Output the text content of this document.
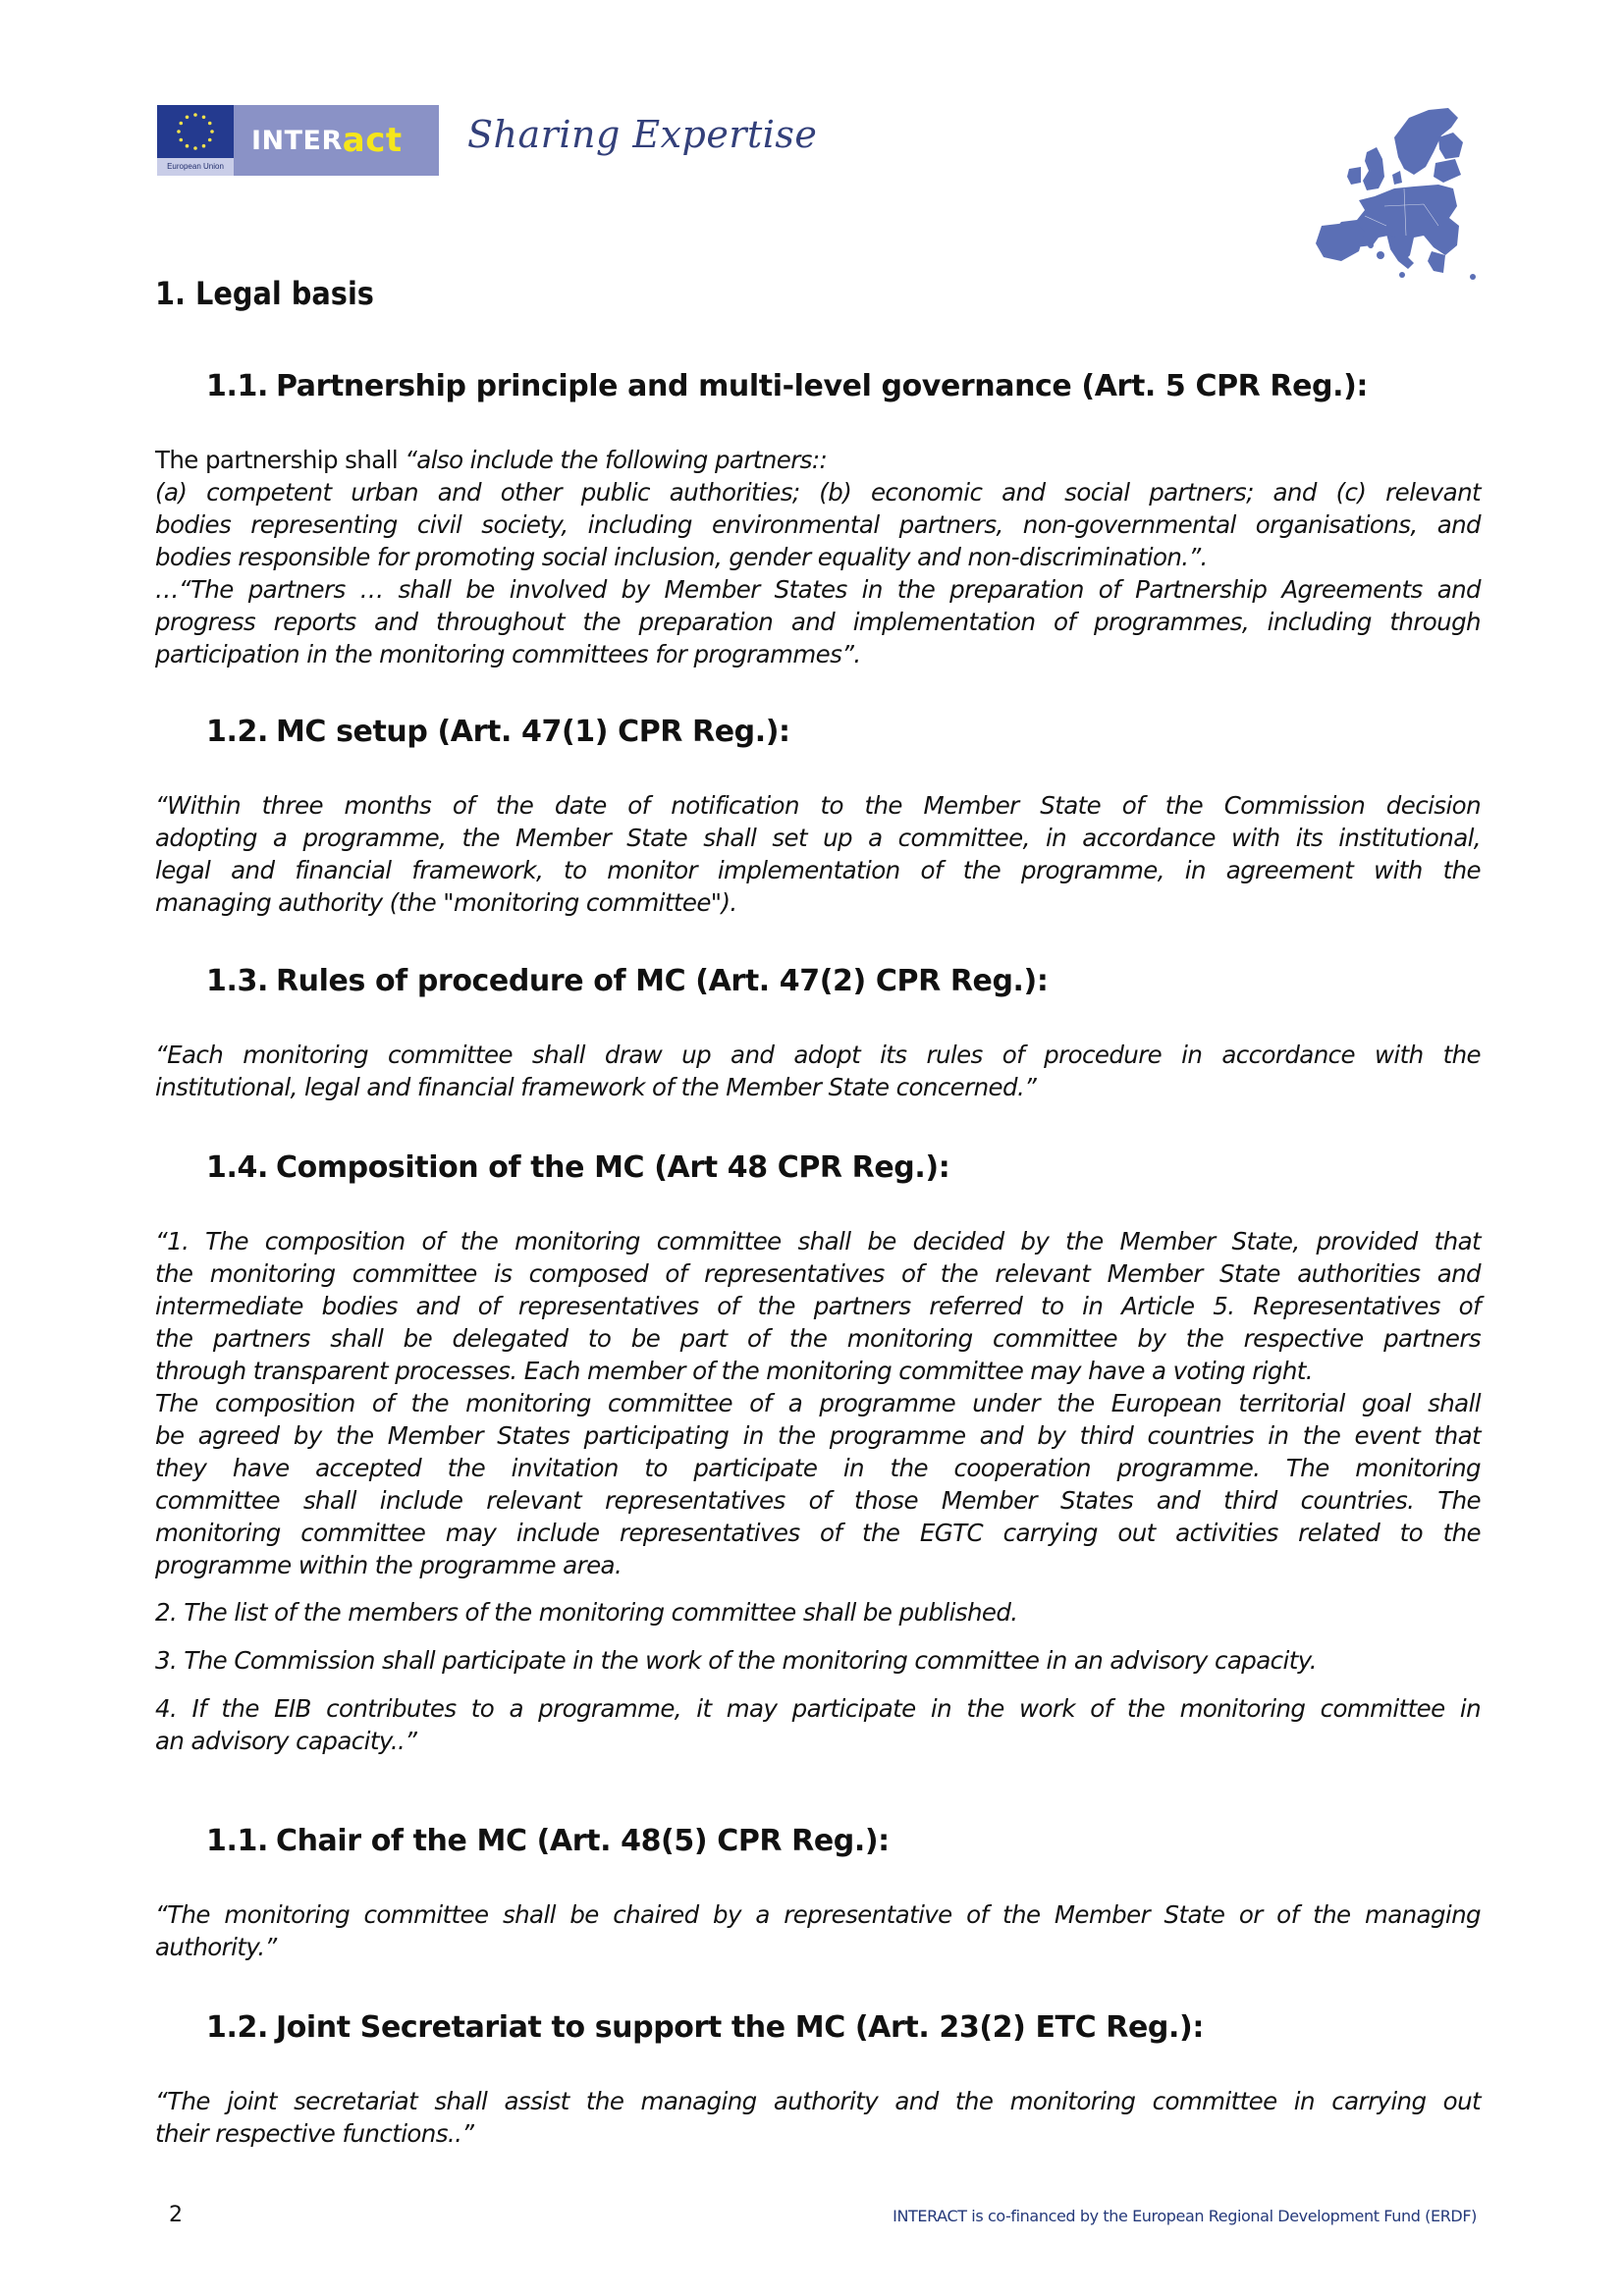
European Union
INTER act Sharing Expertise
1. Legal basis
1.1. Partnership principle and multi-level governance (Art. 5 CPR Reg.):
The partnership shall “also include the following partners::
(a) competent urban and other public authorities; (b) economic and social partners; and (c) relevant
bodies representing civil society, including environmental partners, non-governmental organisations, and
bodies responsible for promoting social inclusion, gender equality and non-discrimination.”.
…“The partners … shall be involved by Member States in the preparation of Partnership Agreements and
progress reports and throughout the preparation and implementation of programmes, including through
participation in the monitoring committees for programmes”.
1.2. MC setup (Art. 47(1) CPR Reg.):
“Within three months of the date of notification to the Member State of the Commission decision
adopting a programme, the Member State shall set up a committee, in accordance with its institutional,
legal and financial framework, to monitor implementation of the programme, in agreement with the
managing authority (the "monitoring committee").
1.3. Rules of procedure of MC (Art. 47(2) CPR Reg.):
“Each monitoring committee shall draw up and adopt its rules of procedure in accordance with the
institutional, legal and financial framework of the Member State concerned.”
1.4. Composition of the MC (Art 48 CPR Reg.):
“1. The composition of the monitoring committee shall be decided by the Member State, provided that
the monitoring committee is composed of representatives of the relevant Member State authorities and
intermediate bodies and of representatives of the partners referred to in Article 5. Representatives of
the partners shall be delegated to be part of the monitoring committee by the respective partners
through transparent processes. Each member of the monitoring committee may have a voting right.
The composition of the monitoring committee of a programme under the European territorial goal shall
be agreed by the Member States participating in the programme and by third countries in the event that
they have accepted the invitation to participate in the cooperation programme. The monitoring
committee shall include relevant representatives of those Member States and third countries. The
monitoring committee may include representatives of the EGTC carrying out activities related to the
programme within the programme area.
2. The list of the members of the monitoring committee shall be published.
3. The Commission shall participate in the work of the monitoring committee in an advisory capacity.
4. If the EIB contributes to a programme, it may participate in the work of the monitoring committee in
an advisory capacity..”
1.1. Chair of the MC (Art. 48(5) CPR Reg.):
“The monitoring committee shall be chaired by a representative of the Member State or of the managing
authority.”
1.2. Joint Secretariat to support the MC (Art. 23(2) ETC Reg.):
“The joint secretariat shall assist the managing authority and the monitoring committee in carrying out
their respective functions..”
2	INTERACT is co-financed by the European Regional Development Fund (ERDF)
